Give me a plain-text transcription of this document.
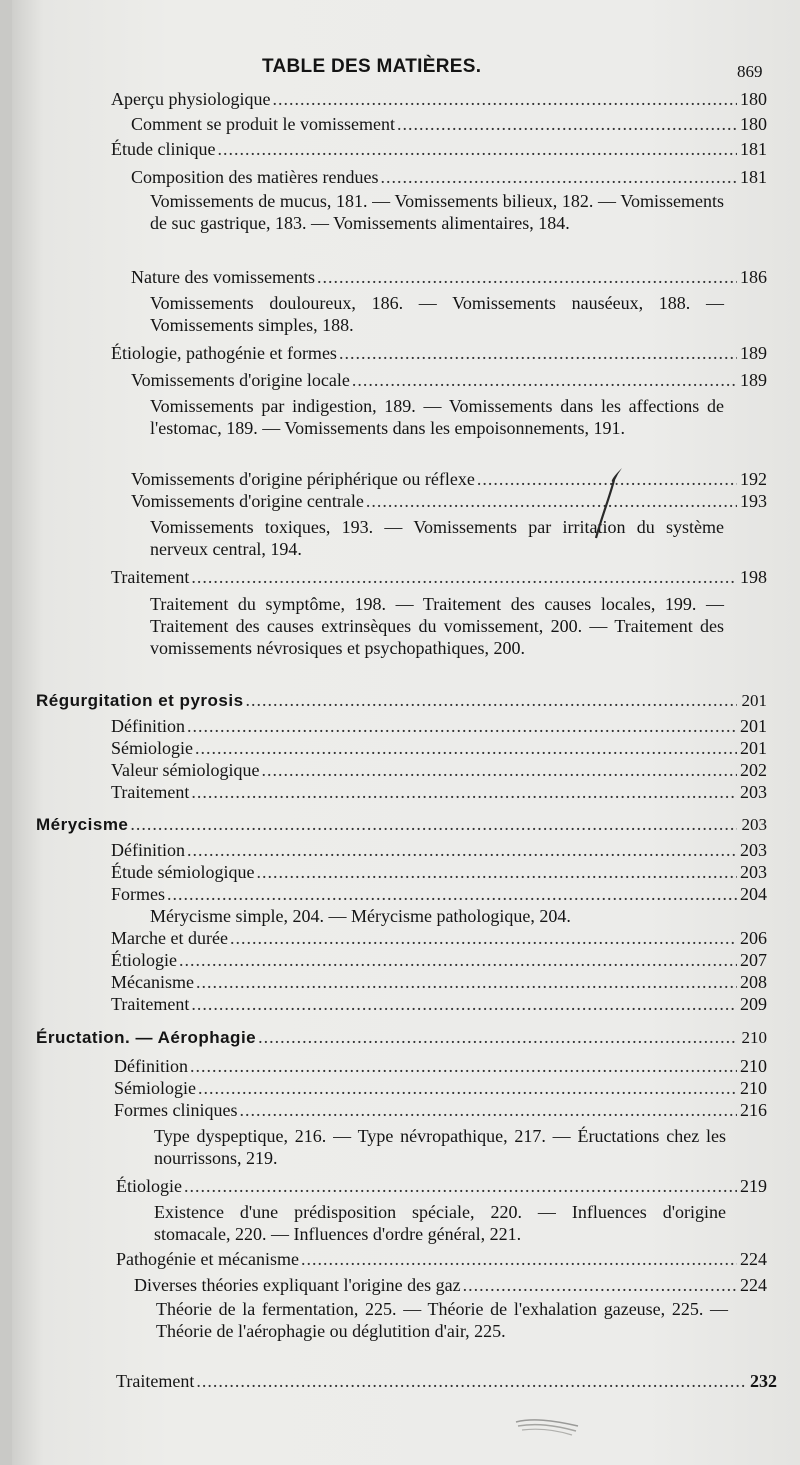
TABLE DES MATIÈRES.	869
Aperçu physiologique .....	180
Comment se produit le vomissement .....	180
Étude clinique .....	181
Composition des matières rendues .....	181
Vomissements de mucus, 181. — Vomissements bilieux, 182. — Vomissements de suc gastrique, 183. — Vomissements alimentaires, 184.
Nature des vomissements .....	186
Vomissements douloureux, 186. — Vomissements nauséeux, 188. — Vomissements simples, 188.
Étiologie, pathogénie et formes .....	189
Vomissements d'origine locale .....	189
Vomissements par indigestion, 189. — Vomissements dans les affections de l'estomac, 189. — Vomissements dans les empoisonnements, 191.
Vomissements d'origine périphérique ou réflexe .....	192
Vomissements d'origine centrale .....	193
Vomissements toxiques, 193. — Vomissements par irritation du système nerveux central, 194.
Traitement .....	198
Traitement du symptôme, 198. — Traitement des causes locales, 199. — Traitement des causes extrinsèques du vomissement, 200. — Traitement des vomissements névrosiques et psychopathiques, 200.
Régurgitation et pyrosis .....	201
Définition .....	201
Sémiologie .....	201
Valeur sémiologique .....	202
Traitement .....	203
Mérycisme .....	203
Définition .....	203
Étude sémiologique .....	203
Formes .....	204
Mérycisme simple, 204. — Mérycisme pathologique, 204.
Marche et durée .....	206
Étiologie .....	207
Mécanisme .....	208
Traitement .....	209
Éructation. — Aérophagie .....	210
Définition .....	210
Sémiologie .....	210
Formes cliniques .....	216
Type dyspeptique, 216. — Type névropathique, 217. — Éructations chez les nourrissons, 219.
Étiologie .....	219
Existence d'une prédisposition spéciale, 220. — Influences d'origine stomacale, 220. — Influences d'ordre général, 221.
Pathogénie et mécanisme .....	224
Diverses théories expliquant l'origine des gaz .....	224
Théorie de la fermentation, 225. — Théorie de l'exhalation gazeuse, 225. — Théorie de l'aérophagie ou déglutition d'air, 225.
Traitement .....	232
